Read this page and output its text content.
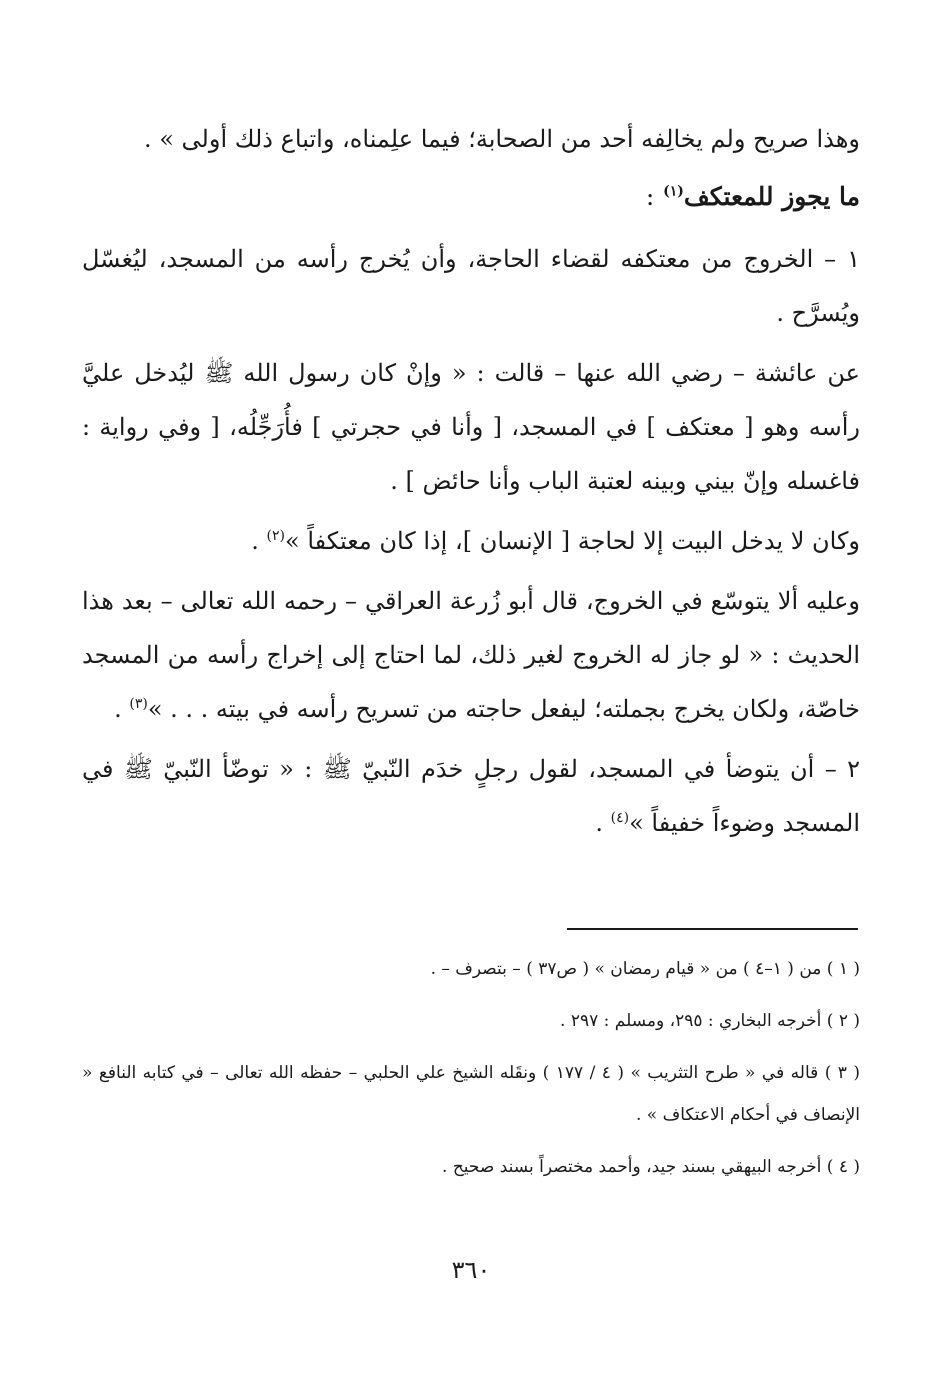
وهذا صريح ولم يخالِفه أحد من الصحابة؛ فيما علِمناه، واتباع ذلك أولى » .

ما يجوز للمعتكف$^{(١)}$ :

١ – الخروج من معتكفه لقضاء الحاجة، وأن يُخرج رأسه من المسجد، ليُغسّل ويُسرَّح .

عن عائشة – رضي الله عنها – قالت : « وإنْ كان رسول الله ﷺ ليُدخل عليَّ رأسه وهو [ معتكف ] في المسجد، [ وأنا في حجرتي ] فأُرَجِّلُه، [ وفي رواية : فاغسله وإنّ بيني وبينه لعتبة الباب وأنا حائض ] .

وكان لا يدخل البيت إلا لحاجة [ الإنسان ]، إذا كان معتكفاً »$^{(٢)}$ .

وعليه ألا يتوسّع في الخروج، قال أبو زُرعة العراقي – رحمه الله تعالى – بعد هذا الحديث : « لو جاز له الخروج لغير ذلك، لما احتاج إلى إخراج رأسه من المسجد خاصّة، ولكان يخرج بجملته؛ ليفعل حاجته من تسريح رأسه في بيته . . . »$^{(٣)}$ .

٢ – أن يتوضأ في المسجد، لقول رجلٍ خدَم النّبيّ ﷺ : « توضّأ النّبيّ ﷺ في المسجد وضوءاً خفيفاً »$^{(٤)}$ .

( ١ ) من ( ١–٤ ) من « قيام رمضان » ( ص٣٧ ) – بتصرف – .

( ٢ ) أخرجه البخاري : ٢٩٥، ومسلم : ٢٩٧ .

( ٣ ) قاله في « طرح التثريب » ( ٤ / ١٧٧ ) ونقَله الشيخ علي الحلبي – حفظه الله تعالى – في كتابه النافع « الإنصاف في أحكام الاعتكاف » .

( ٤ ) أخرجه البيهقي بسند جيد، وأحمد مختصراً بسند صحيح .

٣٦٠
